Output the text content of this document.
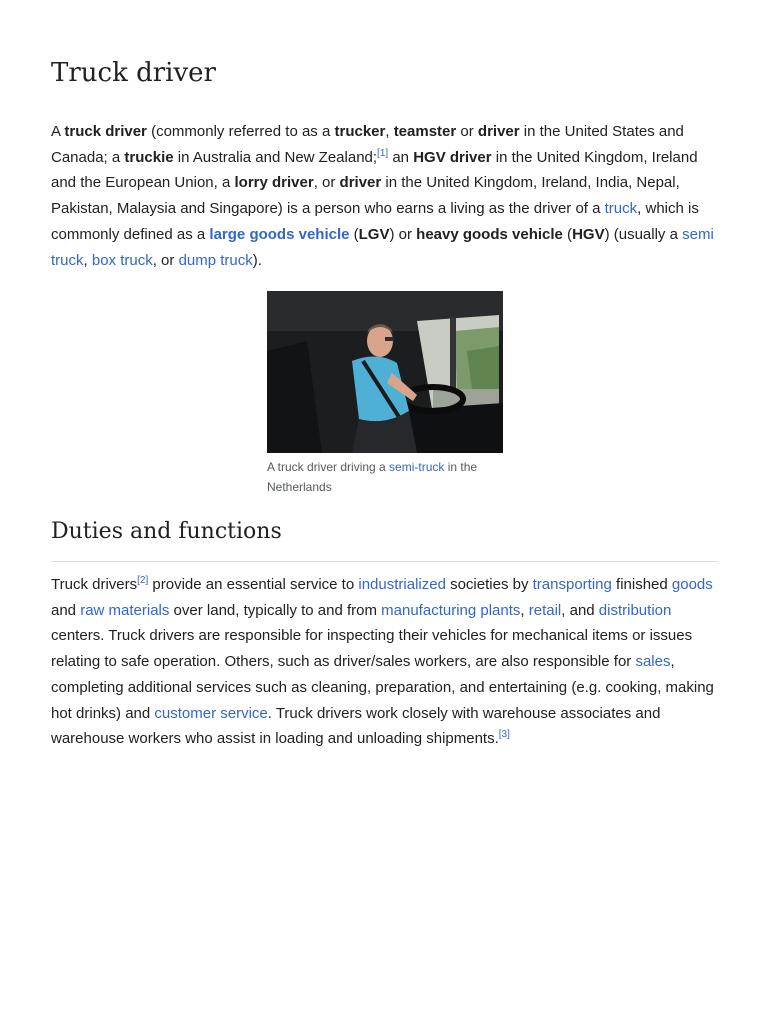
Truck driver

A truck driver (commonly referred to as a trucker, teamster or driver in the United States and Canada; a truckie in Australia and New Zealand;[1] an HGV driver in the United Kingdom, Ireland and the European Union, a lorry driver, or driver in the United Kingdom, Ireland, India, Nepal, Pakistan, Malaysia and Singapore) is a person who earns a living as the driver of a truck, which is commonly defined as a large goods vehicle (LGV) or heavy goods vehicle (HGV) (usually a semi truck, box truck, or dump truck).

A truck driver driving a semi-truck in the Netherlands
Duties and functions

Truck drivers[2] provide an essential service to industrialized societies by transporting finished goods and raw materials over land, typically to and from manufacturing plants, retail, and distribution centers. Truck drivers are responsible for inspecting their vehicles for mechanical items or issues relating to safe operation. Others, such as driver/sales workers, are also responsible for sales, completing additional services such as cleaning, preparation, and entertaining (e.g. cooking, making hot drinks) and customer service. Truck drivers work closely with warehouse associates and warehouse workers who assist in loading and unloading shipments.[3]
